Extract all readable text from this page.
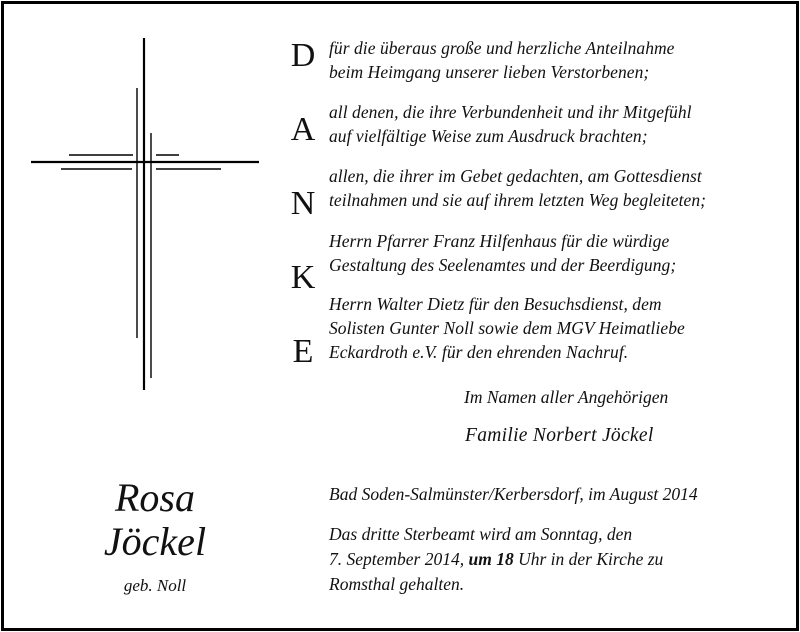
D
A
N
K
E
für die überaus große und herzliche Anteilnahme
beim Heimgang unserer lieben Verstorbenen;
all denen, die ihre Verbundenheit und ihr Mitgefühl
auf vielfältige Weise zum Ausdruck brachten;
allen, die ihrer im Gebet gedachten, am Gottesdienst
teilnahmen und sie auf ihrem letzten Weg begleiteten;
Herrn Pfarrer Franz Hilfenhaus für die würdige
Gestaltung des Seelenamtes und der Beerdigung;
Herrn Walter Dietz für den Besuchsdienst, dem
Solisten Gunter Noll sowie dem MGV Heimatliebe
Eckardroth e.V. für den ehrenden Nachruf.
Im Namen aller Angehörigen
Familie Norbert Jöckel
Rosa
Jöckel
geb. Noll
Bad Soden-Salmünster/Kerbersdorf, im August 2014
Das dritte Sterbeamt wird am Sonntag, den
7. September 2014, um 18 Uhr in der Kirche zu
Romsthal gehalten.
